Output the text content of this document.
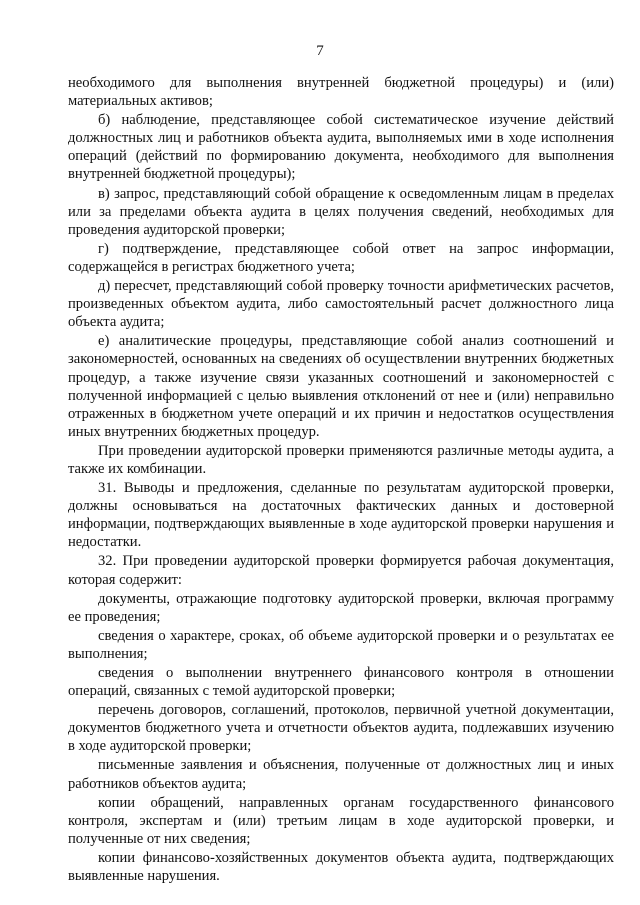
7

необходимого для выполнения внутренней бюджетной процедуры) и (или) материальных активов;

б) наблюдение, представляющее собой систематическое изучение действий должностных лиц и работников объекта аудита, выполняемых ими в ходе исполнения операций (действий по формированию документа, необходимого для выполнения внутренней бюджетной процедуры);

в) запрос, представляющий собой обращение к осведомленным лицам в пределах или за пределами объекта аудита в целях получения сведений, необходимых для проведения аудиторской проверки;

г) подтверждение, представляющее собой ответ на запрос информации, содержащейся в регистрах бюджетного учета;

д) пересчет, представляющий собой проверку точности арифметических расчетов, произведенных объектом аудита, либо самостоятельный расчет должностного лица объекта аудита;

е) аналитические процедуры, представляющие собой анализ соотношений и закономерностей, основанных на сведениях об осуществлении внутренних бюджетных процедур, а также изучение связи указанных соотношений и закономерностей с полученной информацией с целью выявления отклонений от нее и (или) неправильно отраженных в бюджетном учете операций и их причин и недостатков осуществления иных внутренних бюджетных процедур.

При проведении аудиторской проверки применяются различные методы аудита, а также их комбинации.

31. Выводы и предложения, сделанные по результатам аудиторской проверки, должны основываться на достаточных фактических данных и достоверной информации, подтверждающих выявленные в ходе аудиторской проверки нарушения и недостатки.

32. При проведении аудиторской проверки формируется рабочая документация, которая содержит:

документы, отражающие подготовку аудиторской проверки, включая программу ее проведения;

сведения о характере, сроках, об объеме аудиторской проверки и о результатах ее выполнения;

сведения о выполнении внутреннего финансового контроля в отношении операций, связанных с темой аудиторской проверки;

перечень договоров, соглашений, протоколов, первичной учетной документации, документов бюджетного учета и отчетности объектов аудита, подлежавших изучению в ходе аудиторской проверки;

письменные заявления и объяснения, полученные от должностных лиц и иных работников объектов аудита;

копии обращений, направленных органам государственного финансового контроля, экспертам и (или) третьим лицам в ходе аудиторской проверки, и полученные от них сведения;

копии финансово-хозяйственных документов объекта аудита, подтверждающих выявленные нарушения.
